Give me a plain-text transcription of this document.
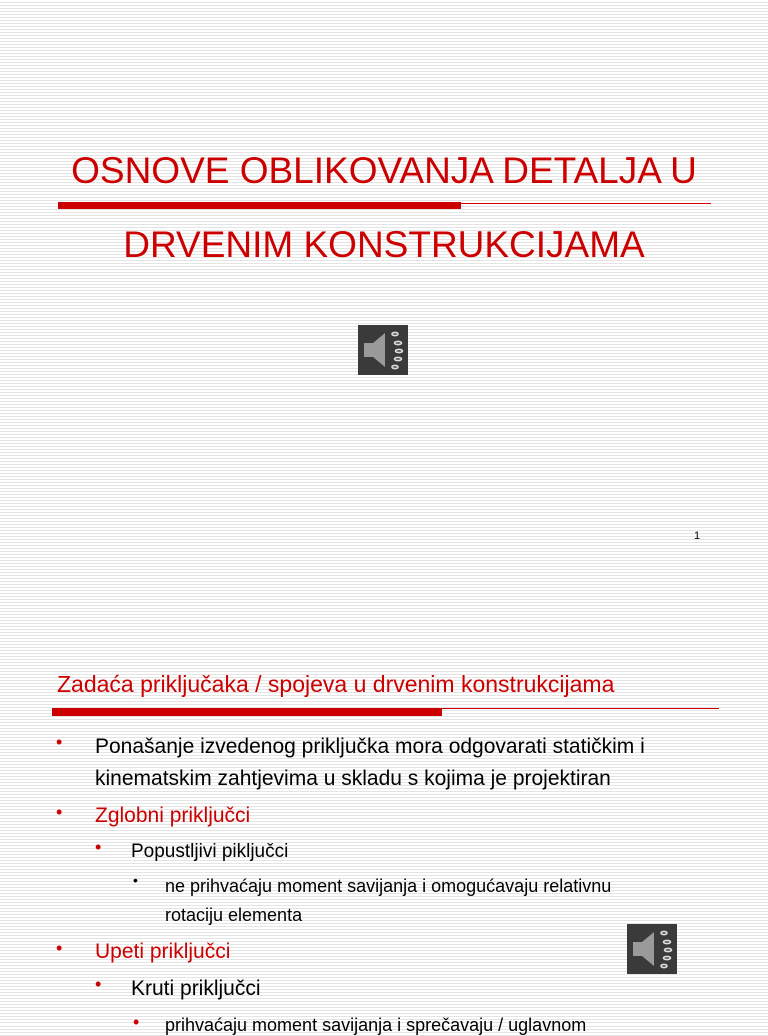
OSNOVE OBLIKOVANJA DETALJA U
DRVENIM KONSTRUKCIJAMA
1
Zadaća priključaka / spojeva u drvenim konstrukcijama
• Ponašanje izvedenog priključka mora odgovarati statičkim i
kinematskim zahtjevima u skladu s kojima je projektiran
• Zglobni priključci
• Popustljivi piključci
• ne prihvaćaju moment savijanja i omogućavaju relativnu
rotaciju elementa
• Upeti priključci
• Kruti priključci
• prihvaćaju moment savijanja i sprečavaju / uglavnom
